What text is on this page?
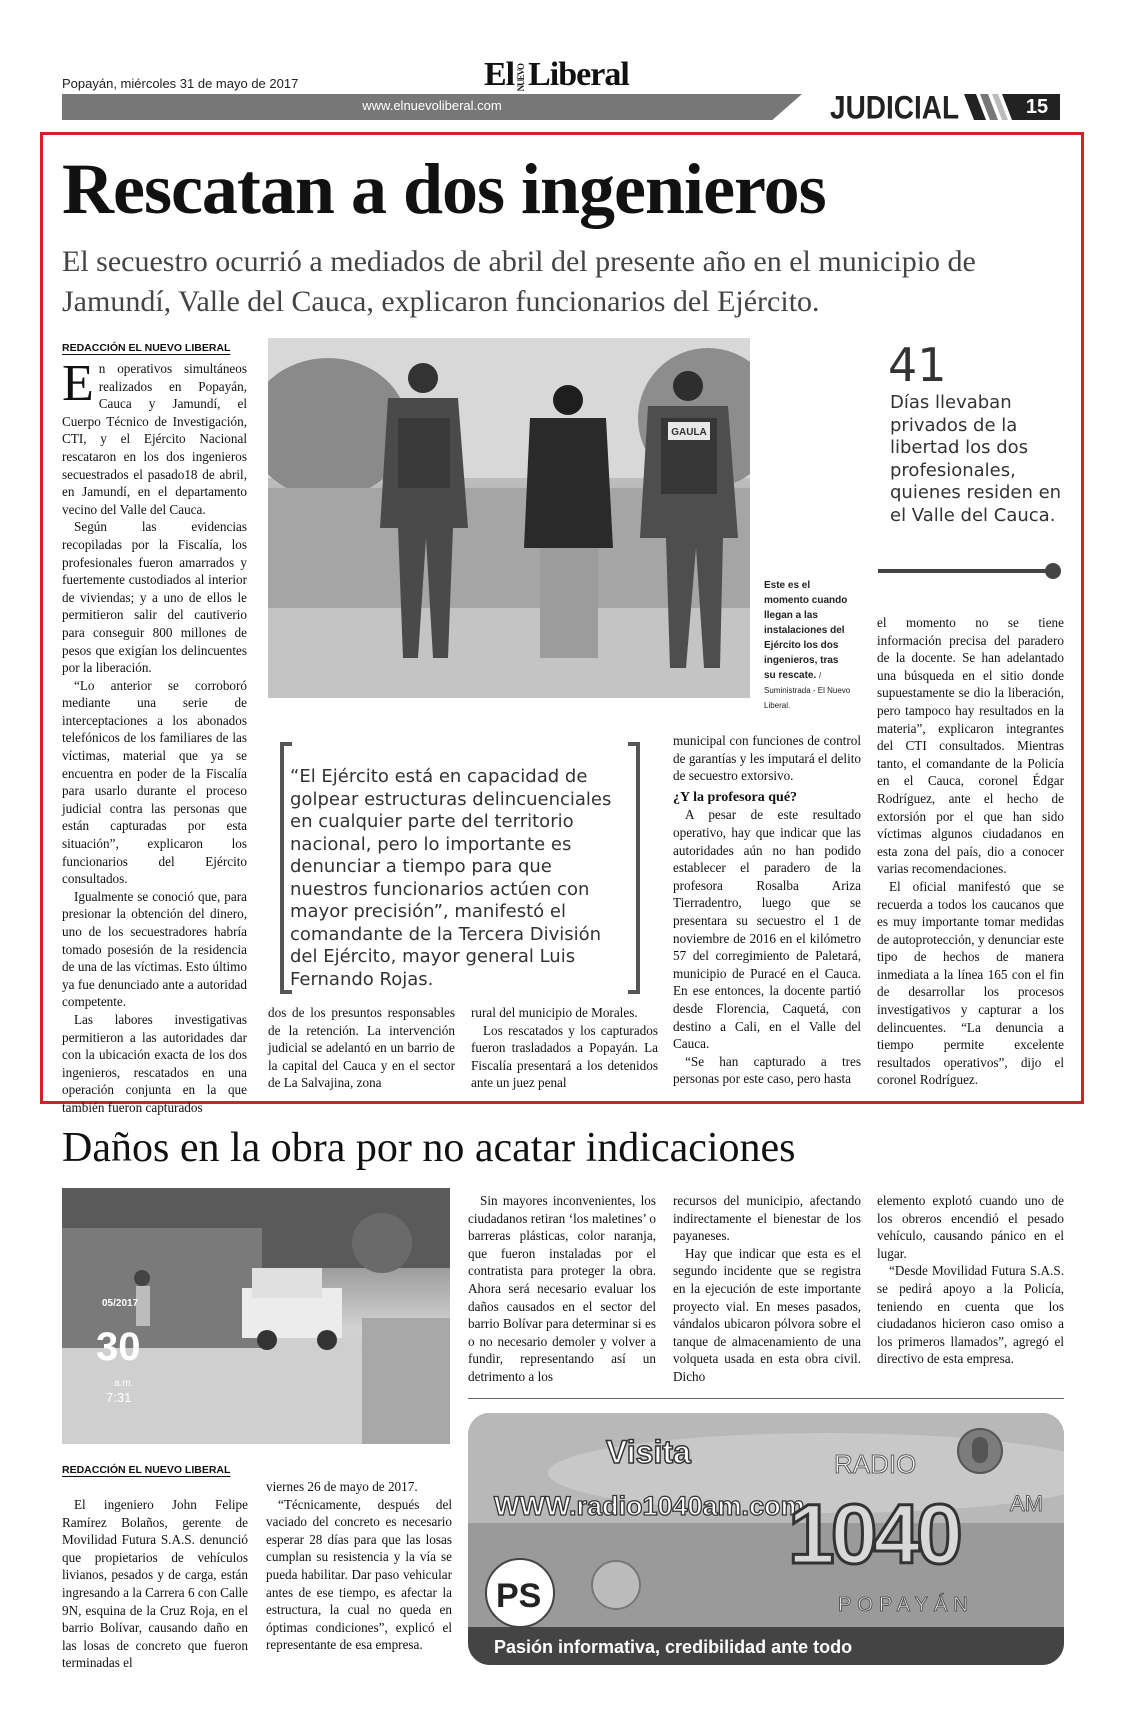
Popayán, miércoles 31 de mayo de 2017	El NUEVOLiberal
www.elnuevoliberal.com	JUDICIAL	15
Rescatan a dos ingenieros
El secuestro ocurrió a mediados de abril del presente año en el municipio de Jamundí, Valle del Cauca, explicaron funcionarios del Ejército.
REDACCIÓN EL NUEVO LIBERAL

En operativos simultáneos realizados en Popayán, Cauca y Jamundí, el Cuerpo Técnico de Investigación, CTI, y el Ejército Nacional rescataron en los dos ingenieros secuestrados el pasado18 de abril, en Jamundí, en el departamento vecino del Valle del Cauca.

Según las evidencias recopiladas por la Fiscalía, los profesionales fueron amarrados y fuertemente custodiados al interior de viviendas; y a uno de ellos le permitieron salir del cautiverio para conseguir 800 millones de pesos que exigían los delincuentes por la liberación.

“Lo anterior se corroboró mediante una serie de interceptaciones a los abonados telefónicos de los familiares de las víctimas, material que ya se encuentra en poder de la Fiscalía para usarlo durante el proceso judicial contra las personas que están capturadas por esta situación”, explicaron los funcionarios del Ejército consultados.

Igualmente se conoció que, para presionar la obtención del dinero, uno de los secuestradores habría tomado posesión de la residencia de una de las víctimas. Esto último ya fue denunciado ante a autoridad competente.

Las labores investigativas permitieron a las autoridades dar con la ubicación exacta de los dos ingenieros, rescatados en una operación conjunta en la que también fueron capturados

GAULA
Este es el momento cuando llegan a las instalaciones del Ejército los dos ingenieros, tras su rescate. / Suministrada - El Nuevo Liberal.
41
Días llevaban privados de la libertad los dos profesionales, quienes residen en el Valle del Cauca.
“El Ejército está en capacidad de golpear estructuras delincuenciales en cualquier parte del territorio nacional, pero lo importante es denunciar a tiempo para que nuestros funcionarios actúen con mayor precisión”, manifestó el comandante de la Tercera División del Ejército, mayor general Luis Fernando Rojas.

dos de los presuntos responsables de la retención. La intervención judicial se adelantó en un barrio de la capital del Cauca y en el sector de La Salvajina, zona

rural del municipio de Morales.

Los rescatados y los capturados fueron trasladados a Popayán. La Fiscalía presentará a los detenidos ante un juez penal

municipal con funciones de control de garantías y les imputará el delito de secuestro extorsivo.

¿Y la profesora qué?

A pesar de este resultado operativo, hay que indicar que las autoridades aún no han podido establecer el paradero de la profesora Rosalba Ariza Tierradentro, luego que se presentara su secuestro el 1 de noviembre de 2016 en el kilómetro 57 del corregimiento de Paletará, municipio de Puracé en el Cauca. En ese entonces, la docente partió desde Florencia, Caquetá, con destino a Cali, en el Valle del Cauca.

“Se han capturado a tres personas por este caso, pero hasta

el momento no se tiene información precisa del paradero de la docente. Se han adelantado una búsqueda en el sitio donde supuestamente se dio la liberación, pero tampoco hay resultados en la materia”, explicaron integrantes del CTI consultados. Mientras tanto, el comandante de la Policía en el Cauca, coronel Édgar Rodríguez, ante el hecho de extorsión por el que han sido víctimas algunos ciudadanos en esta zona del país, dio a conocer varias recomendaciones.

El oficial manifestó que se recuerda a todos los caucanos que es muy importante tomar medidas de autoprotección, y denunciar este tipo de hechos de manera inmediata a la línea 165 con el fin de desarrollar los procesos investigativos y capturar a los delincuentes. “La denuncia a tiempo permite excelente resultados operativos”, dijo el coronel Rodríguez.

Daños en la obra por no acatar indicaciones
05/2017
30
a.m.
7:31
REDACCIÓN EL NUEVO LIBERAL

El ingeniero John Felipe Ramírez Bolaños, gerente de Movilidad Futura S.A.S. denunció que propietarios de vehículos livianos, pesados y de carga, están ingresando a la Carrera 6 con Calle 9N, esquina de la Cruz Roja, en el barrio Bolívar, causando daño en las losas de concreto que fueron terminadas el

viernes 26 de mayo de 2017.

“Técnicamente, después del vaciado del concreto es necesario esperar 28 días para que las losas cumplan su resistencia y la vía se pueda habilitar. Dar paso vehicular antes de ese tiempo, es afectar la estructura, la cual no queda en óptimas condiciones”, explicó el representante de esa empresa.

Sin mayores inconvenientes, los ciudadanos retiran ‘los maletines’ o barreras plásticas, color naranja, que fueron instaladas por el contratista para proteger la obra. Ahora será necesario evaluar los daños causados en el sector del barrio Bolívar para determinar si es o no necesario demoler y volver a fundir, representando así un detrimento a los

recursos del municipio, afectando indirectamente el bienestar de los payaneses.

Hay que indicar que esta es el segundo incidente que se registra en la ejecución de este importante proyecto vial. En meses pasados, vándalos ubicaron pólvora sobre el tanque de almacenamiento de una volqueta usada en esta obra civil. Dicho

elemento explotó cuando uno de los obreros encendió el pesado vehículo, causando pánico en el lugar.

“Desde Movilidad Futura S.A.S. se pedirá apoyo a la Policía, teniendo en cuenta que los ciudadanos hicieron caso omiso a los primeros llamados”, agregó el directivo de esta empresa.

Visita
WWW.radio1040am.com
RADIO
1040 AM
POPAYÁN
PS
Pasión informativa, credibilidad ante todo
